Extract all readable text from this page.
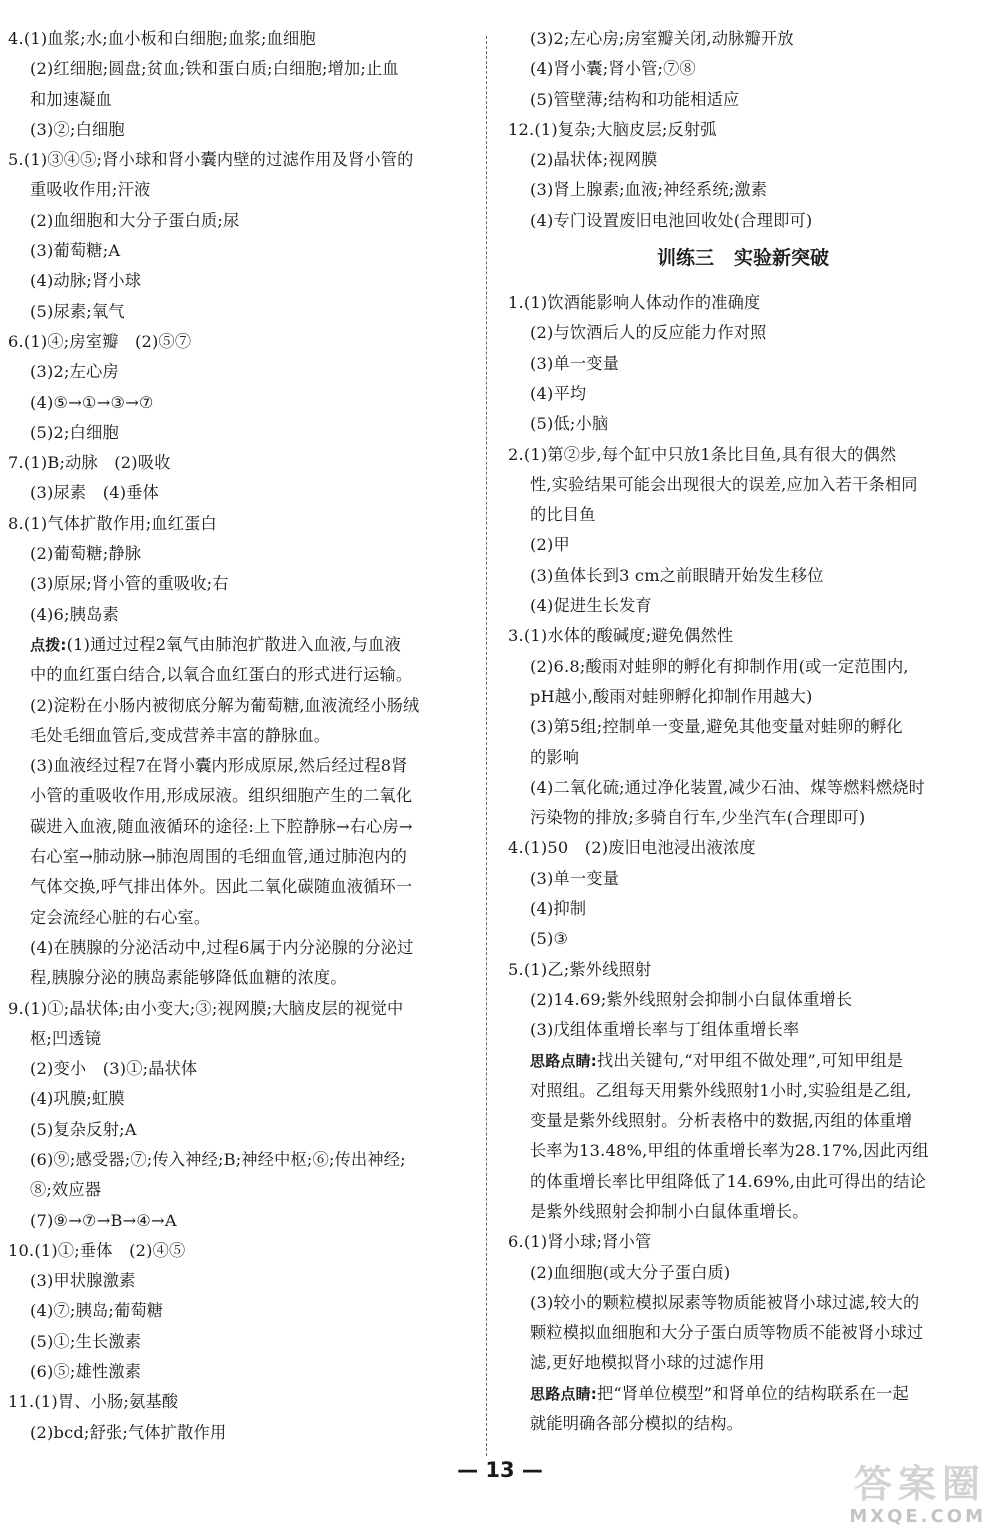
4.(1)血浆;水;血小板和白细胞;血浆;血细胞
(2)红细胞;圆盘;贫血;铁和蛋白质;白细胞;增加;止血
和加速凝血
(3)②;白细胞
5.(1)③④⑤;肾小球和肾小囊内壁的过滤作用及肾小管的
重吸收作用;汗液
(2)血细胞和大分子蛋白质;尿
(3)葡萄糖;A
(4)动脉;肾小球
(5)尿素;氧气
6.(1)④;房室瓣　(2)⑤⑦
(3)2;左心房
(4)⑤→①→③→⑦
(5)2;白细胞
7.(1)B;动脉　(2)吸收
(3)尿素　(4)垂体
8.(1)气体扩散作用;血红蛋白
(2)葡萄糖;静脉
(3)原尿;肾小管的重吸收;右
(4)6;胰岛素
点拨:(1)通过过程2氧气由肺泡扩散进入血液,与血液
中的血红蛋白结合,以氧合血红蛋白的形式进行运输。
(2)淀粉在小肠内被彻底分解为葡萄糖,血液流经小肠绒
毛处毛细血管后,变成营养丰富的静脉血。
(3)血液经过程7在肾小囊内形成原尿,然后经过程8肾
小管的重吸收作用,形成尿液。组织细胞产生的二氧化
碳进入血液,随血液循环的途径:上下腔静脉→右心房→
右心室→肺动脉→肺泡周围的毛细血管,通过肺泡内的
气体交换,呼气排出体外。因此二氧化碳随血液循环一
定会流经心脏的右心室。
(4)在胰腺的分泌活动中,过程6属于内分泌腺的分泌过
程,胰腺分泌的胰岛素能够降低血糖的浓度。
9.(1)①;晶状体;由小变大;③;视网膜;大脑皮层的视觉中
枢;凹透镜
(2)变小　(3)①;晶状体
(4)巩膜;虹膜
(5)复杂反射;A
(6)⑨;感受器;⑦;传入神经;B;神经中枢;⑥;传出神经;
⑧;效应器
(7)⑨→⑦→B→④→A
10.(1)①;垂体　(2)④⑤
(3)甲状腺激素
(4)⑦;胰岛;葡萄糖
(5)①;生长激素
(6)⑤;雄性激素
11.(1)胃、小肠;氨基酸
(2)bcd;舒张;气体扩散作用
(3)2;左心房;房室瓣关闭,动脉瓣开放
(4)肾小囊;肾小管;⑦⑧
(5)管壁薄;结构和功能相适应
12.(1)复杂;大脑皮层;反射弧
(2)晶状体;视网膜
(3)肾上腺素;血液;神经系统;激素
(4)专门设置废旧电池回收处(合理即可)
训练三 实验新突破
1.(1)饮酒能影响人体动作的准确度
(2)与饮酒后人的反应能力作对照
(3)单一变量
(4)平均
(5)低;小脑
2.(1)第②步,每个缸中只放1条比目鱼,具有很大的偶然
性,实验结果可能会出现很大的误差,应加入若干条相同
的比目鱼
(2)甲
(3)鱼体长到3 cm之前眼睛开始发生移位
(4)促进生长发育
3.(1)水体的酸碱度;避免偶然性
(2)6.8;酸雨对蛙卵的孵化有抑制作用(或一定范围内,
pH越小,酸雨对蛙卵孵化抑制作用越大)
(3)第5组;控制单一变量,避免其他变量对蛙卵的孵化
的影响
(4)二氧化硫;通过净化装置,减少石油、煤等燃料燃烧时
污染物的排放;多骑自行车,少坐汽车(合理即可)
4.(1)50　(2)废旧电池浸出液浓度
(3)单一变量
(4)抑制
(5)③
5.(1)乙;紫外线照射
(2)14.69;紫外线照射会抑制小白鼠体重增长
(3)戊组体重增长率与丁组体重增长率
思路点睛:找出关键句,“对甲组不做处理”,可知甲组是
对照组。乙组每天用紫外线照射1小时,实验组是乙组,
变量是紫外线照射。分析表格中的数据,丙组的体重增
长率为13.48%,甲组的体重增长率为28.17%,因此丙组
的体重增长率比甲组降低了14.69%,由此可得出的结论
是紫外线照射会抑制小白鼠体重增长。
6.(1)肾小球;肾小管
(2)血细胞(或大分子蛋白质)
(3)较小的颗粒模拟尿素等物质能被肾小球过滤,较大的
颗粒模拟血细胞和大分子蛋白质等物质不能被肾小球过
滤,更好地模拟肾小球的过滤作用
思路点睛:把“肾单位模型”和肾单位的结构联系在一起
就能明确各部分模拟的结构。
— 13 —	答案圈
MXQE.COM
